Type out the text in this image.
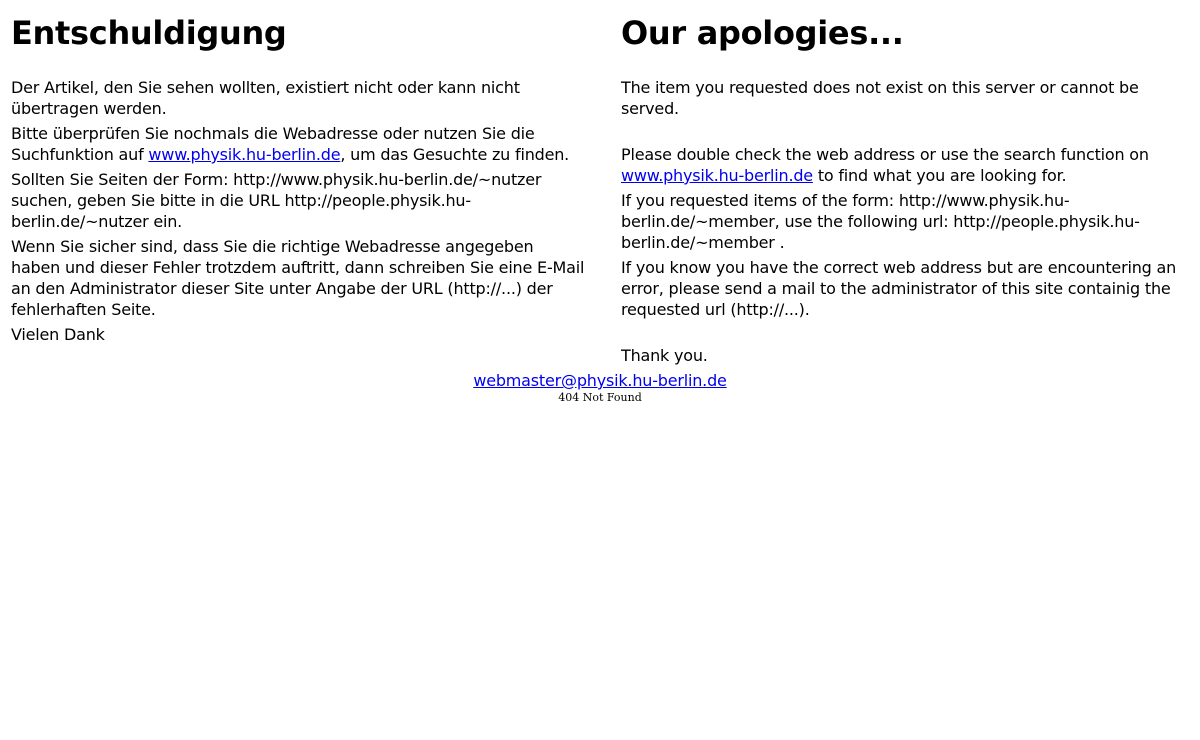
Entschuldigung

Der Artikel, den Sie sehen wollten, existiert nicht oder kann nicht übertragen werden.

Bitte überprüfen Sie nochmals die Webadresse oder nutzen Sie die Suchfunktion auf www.physik.hu-berlin.de, um das Gesuchte zu finden.

Sollten Sie Seiten der Form: http://www.physik.hu-berlin.de/~nutzer suchen, geben Sie bitte in die URL http://people.physik.hu-berlin.de/~nutzer ein.

Wenn Sie sicher sind, dass Sie die richtige Webadresse angegeben haben und dieser Fehler trotzdem auftritt, dann schreiben Sie eine E-Mail an den Administrator dieser Site unter Angabe der URL (http://...) der fehlerhaften Seite.

Vielen Dank

Our apologies...

The item you requested does not exist on this server or cannot be served.

Please double check the web address or use the search function on www.physik.hu-berlin.de to find what you are looking for.

If you requested items of the form: http://www.physik.hu-berlin.de/~member, use the following url: http://people.physik.hu-berlin.de/~member .

If you know you have the correct web address but are encountering an error, please send a mail to the administrator of this site containig the requested url (http://...).

Thank you.

webmaster@physik.hu-berlin.de
404 Not Found
